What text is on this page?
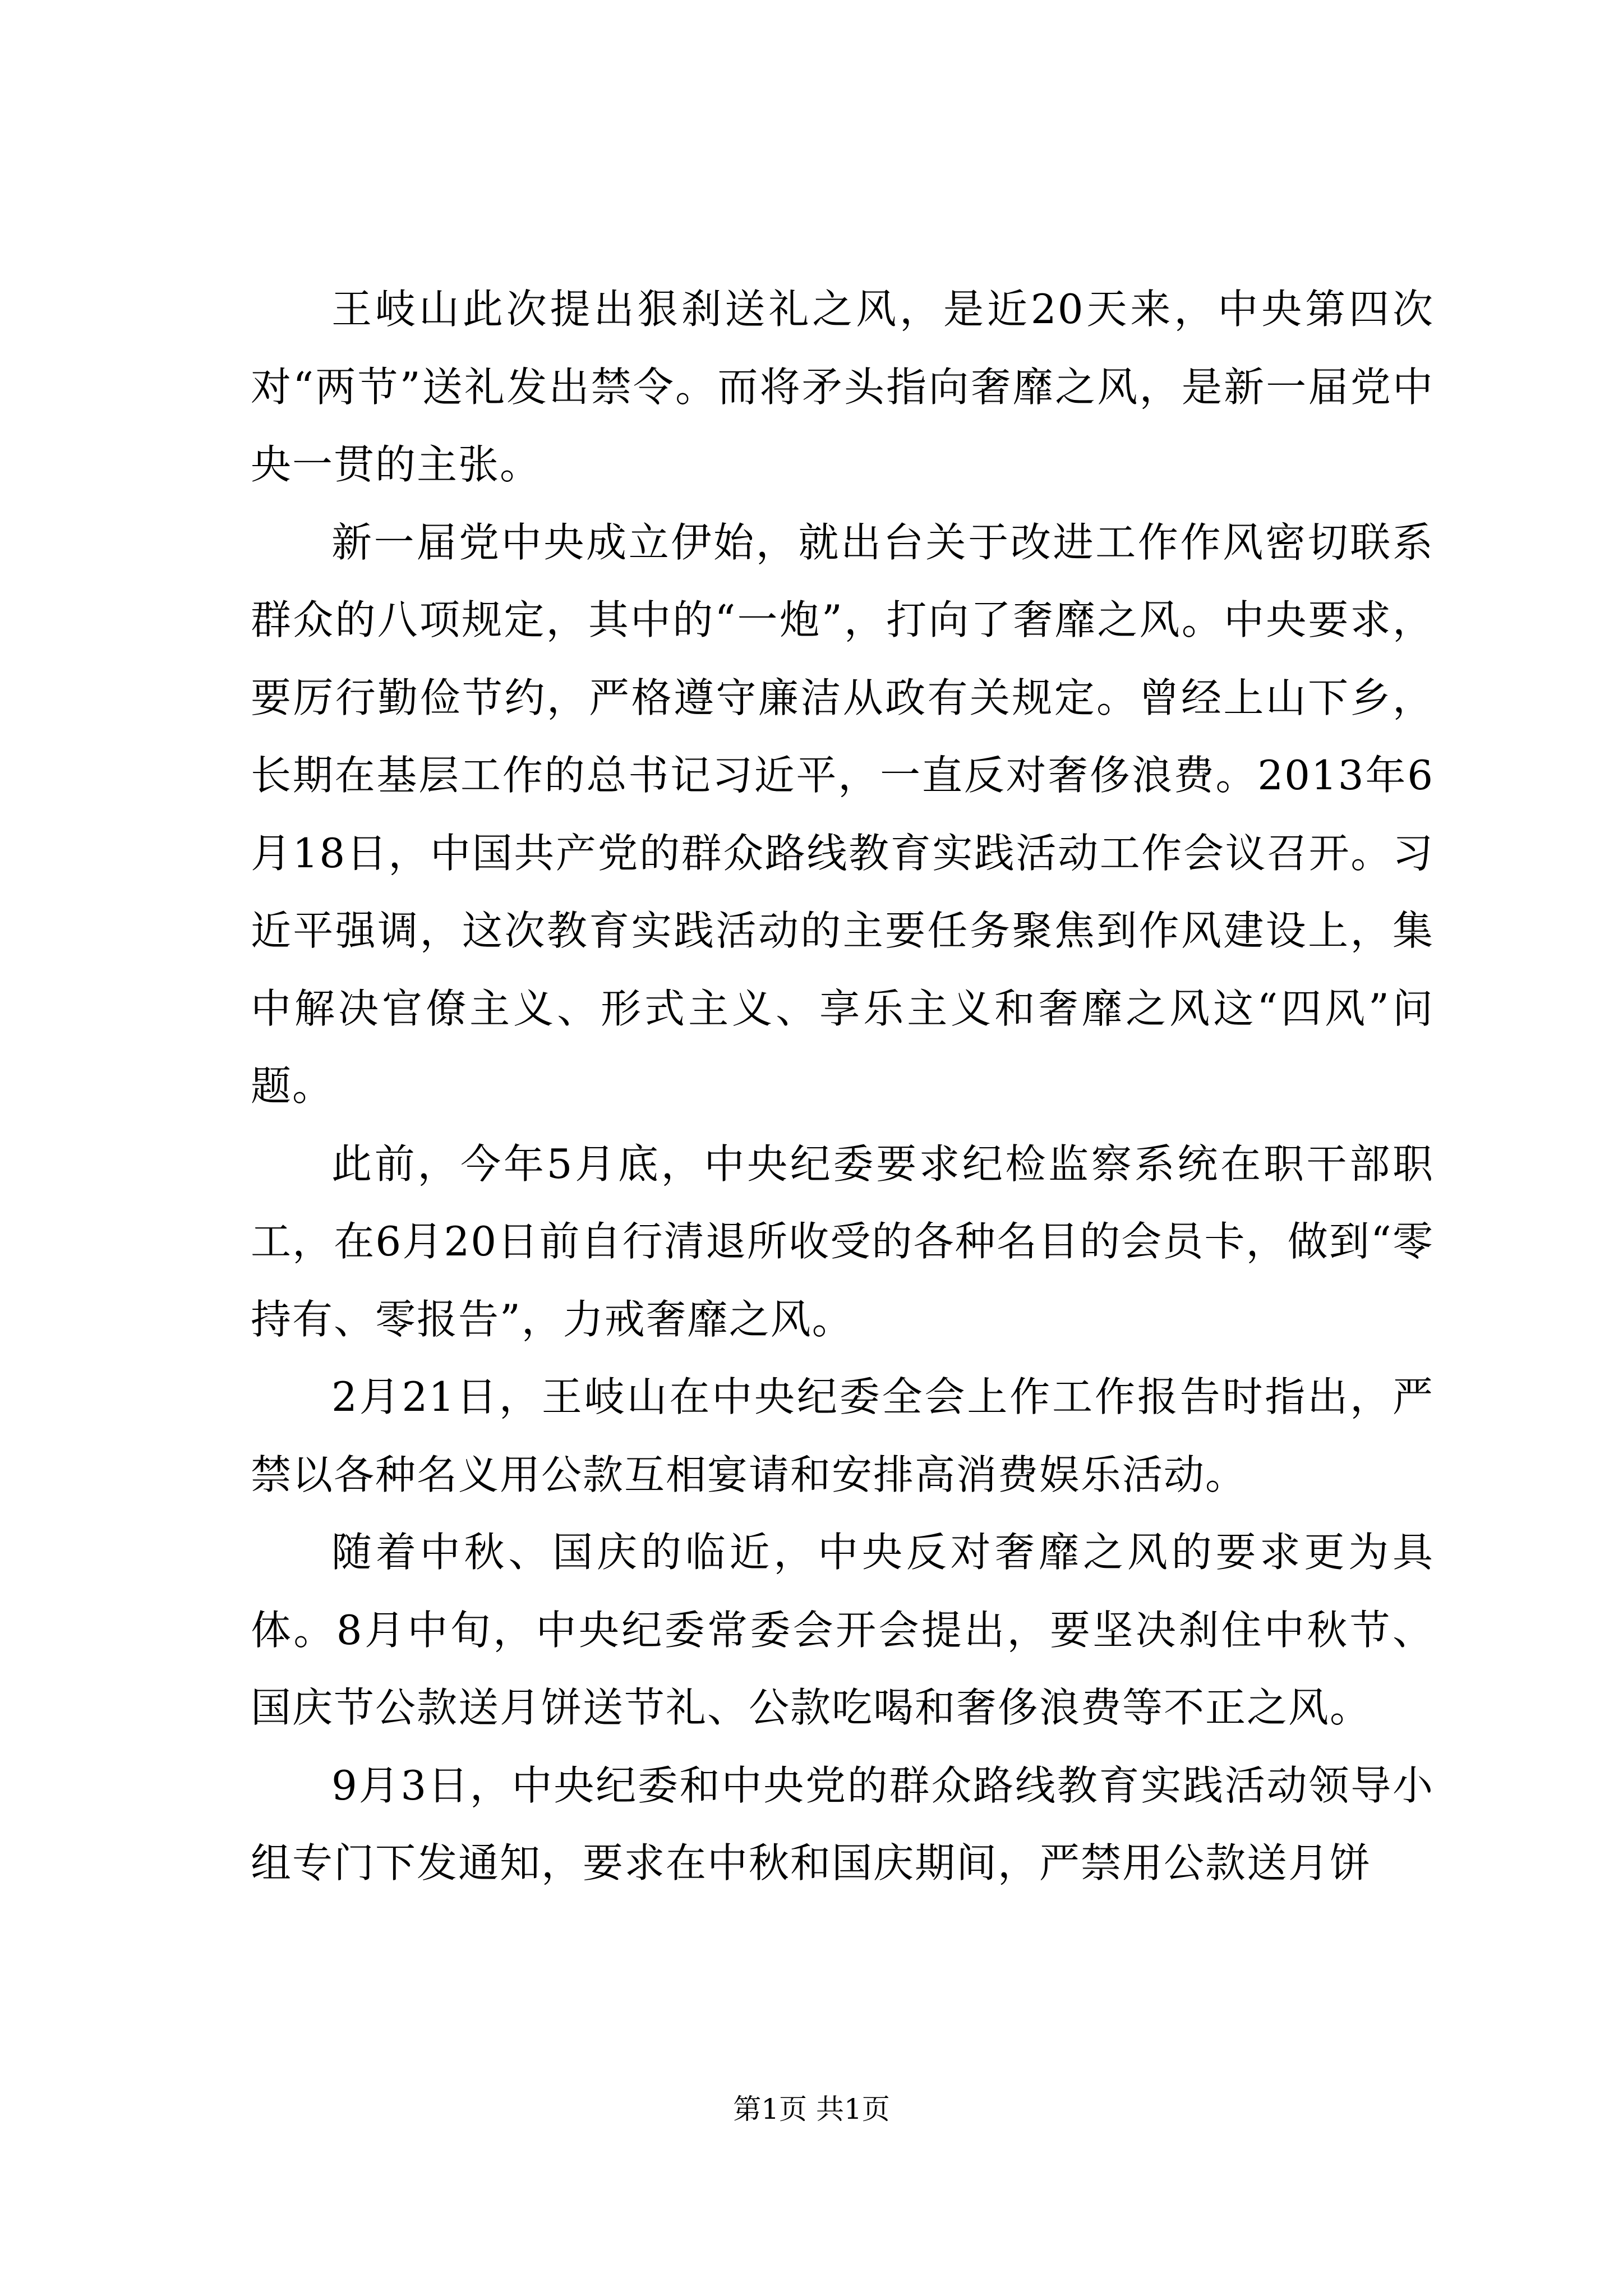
王岐山此次提出狠刹送礼之风，是近20天来，中央第四次对“两节”送礼发出禁令。而将矛头指向奢靡之风，是新一届党中央一贯的主张。

新一届党中央成立伊始，就出台关于改进工作作风密切联系群众的八项规定，其中的“一炮”，打向了奢靡之风。中央要求，要厉行勤俭节约，严格遵守廉洁从政有关规定。曾经上山下乡，长期在基层工作的总书记习近平，一直反对奢侈浪费。2013年6月18日，中国共产党的群众路线教育实践活动工作会议召开。习近平强调，这次教育实践活动的主要任务聚焦到作风建设上，集中解决官僚主义、形式主义、享乐主义和奢靡之风这“四风”问题。

此前，今年5月底，中央纪委要求纪检监察系统在职干部职工，在6月20日前自行清退所收受的各种名目的会员卡，做到“零持有、零报告”，力戒奢靡之风。

2月21日，王岐山在中央纪委全会上作工作报告时指出，严禁以各种名义用公款互相宴请和安排高消费娱乐活动。

随着中秋、国庆的临近，中央反对奢靡之风的要求更为具体。8月中旬，中央纪委常委会开会提出，要坚决刹住中秋节、国庆节公款送月饼送节礼、公款吃喝和奢侈浪费等不正之风。

9月3日，中央纪委和中央党的群众路线教育实践活动领导小组专门下发通知，要求在中秋和国庆期间，严禁用公款送月饼

第1页 共1页
